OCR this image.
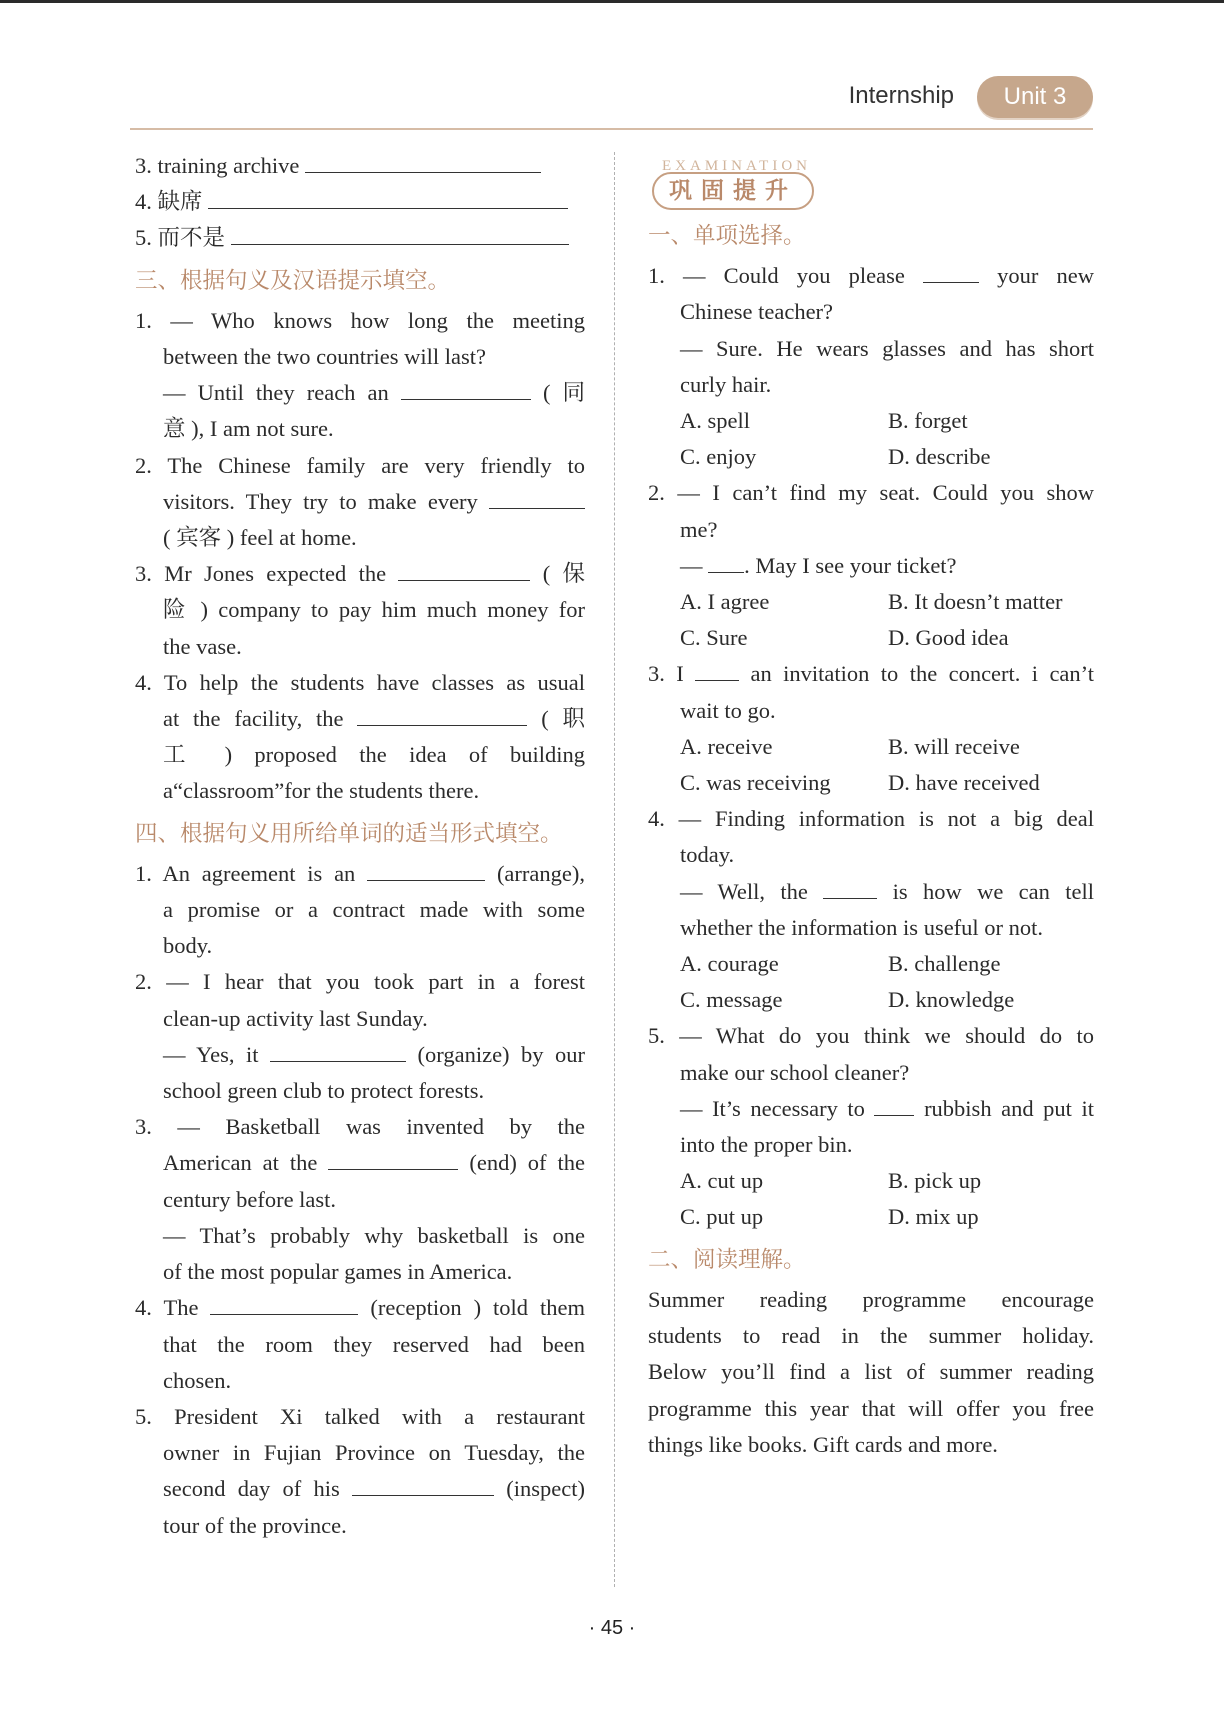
Internship	Unit 3
3. training archive
4. 缺席
5. 而不是
三、根据句义及汉语提示填空。
1. — Who knows how long the meeting
between the two countries will last?
— Until they reach an	( 同
意 ), I am not sure.
2. The Chinese family are very friendly to
visitors. They try to make every
( 宾客 ) feel at home.
3. Mr Jones expected the	( 保
险 ) company to pay him much money for
the vase.
4. To help the students have classes as usual
at the facility, the	( 职
工 ) proposed the idea of building
a“classroom”for the students there.
四、根据句义用所给单词的适当形式填空。
1. An agreement is an	(arrange),
a promise or a contract made with some
body.
2. — I hear that you took part in a forest
clean-up activity last Sunday.
— Yes, it	(organize) by our
school green club to protect forests.
3. — Basketball was invented by the
American at the	(end) of the
century before last.
— That’s probably why basketball is one
of the most popular games in America.
4. The	(reception ) told them
that the room they reserved had been
chosen.
5. President Xi talked with a restaurant
owner in Fujian Province on Tuesday, the
second day of his	(inspect)
tour of the province.
EXAMINATION
巩固提升
一、单项选择。
1. — Could you please	your new
Chinese teacher?
— Sure. He wears glasses and has short
curly hair.
A. spell	B. forget
C. enjoy	D. describe
2. — I can’t find my seat. Could you show
me?
— . May I see your ticket?
A. I agree	B. It doesn’t matter
C. Sure	D. Good idea
3. I	an invitation to the concert. i can’t
wait to go.
A. receive	B. will receive
C. was receiving	D. have received
4. — Finding information is not a big deal
today.
— Well, the	is how we can tell
whether the information is useful or not.
A. courage	B. challenge
C. message	D. knowledge
5. — What do you think we should do to
make our school cleaner?
— It’s necessary to	rubbish and put it
into the proper bin.
A. cut up	B. pick up
C. put up	D. mix up
二、阅读理解。
Summer reading programme encourage
students to read in the summer holiday.
Below you’ll find a list of summer reading
programme this year that will offer you free
things like books. Gift cards and more.
· 45 ·
